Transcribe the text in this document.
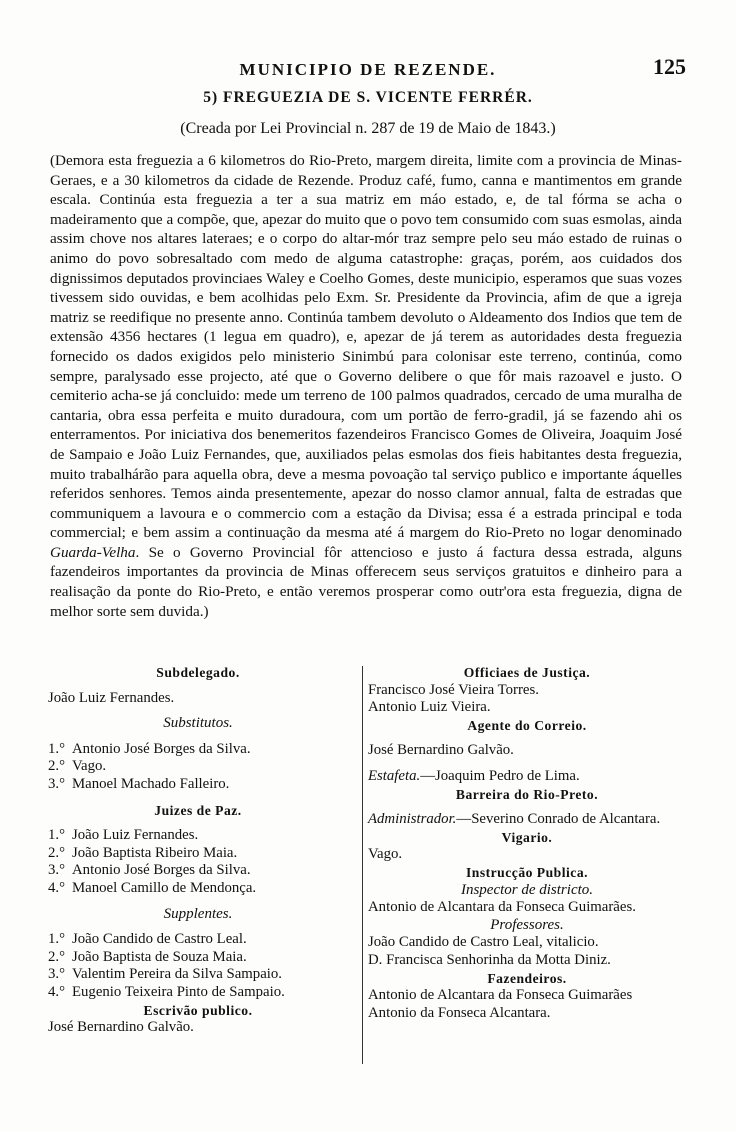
MUNICIPIO DE REZENDE.	125
5) FREGUEZIA DE S. VICENTE FERRÉR.
(Creada por Lei Provincial n. 287 de 19 de Maio de 1843.)

(Demora esta freguezia a 6 kilometros do Rio-Preto, margem direita, limite com a provincia de Minas-Geraes, e a 30 kilometros da cidade de Rezende. Produz café, fumo, canna e mantimentos em grande escala. Continúa esta freguezia a ter a sua matriz em máo estado, e, de tal fórma se acha o madeiramento que a compõe, que, apezar do muito que o povo tem consumido com suas esmolas, ainda assim chove nos altares lateraes; e o corpo do altar-mór traz sempre pelo seu máo estado de ruinas o animo do povo sobresaltado com medo de alguma catastrophe: graças, porém, aos cuidados dos dignissimos deputados provinciaes Waley e Coelho Gomes, deste municipio, esperamos que suas vozes tivessem sido ouvidas, e bem acolhidas pelo Exm. Sr. Presidente da Provincia, afim de que a igreja matriz se reedifique no presente anno. Continúa tambem devoluto o Aldeamento dos Indios que tem de extensão 4356 hectares (1 legua em quadro), e, apezar de já terem as autoridades desta freguezia fornecido os dados exigidos pelo ministerio Sinimbú para colonisar este terreno, continúa, como sempre, paralysado esse projecto, até que o Governo delibere o que fôr mais razoavel e justo. O cemiterio acha-se já concluido: mede um terreno de 100 palmos quadrados, cercado de uma muralha de cantaria, obra essa perfeita e muito duradoura, com um portão de ferro-gradil, já se fazendo ahi os enterramentos. Por iniciativa dos benemeritos fazendeiros Francisco Gomes de Oliveira, Joaquim José de Sampaio e João Luiz Fernandes, que, auxiliados pelas esmolas dos fieis habitantes desta freguezia, muito trabalhárão para aquella obra, deve a mesma povoação tal serviço publico e importante áquelles referidos senhores. Temos ainda presentemente, apezar do nosso clamor annual, falta de estradas que communiquem a lavoura e o commercio com a estação da Divisa; essa é a estrada principal e toda commercial; e bem assim a continuação da mesma até á margem do Rio-Preto no logar denominado Guarda-Velha. Se o Governo Provincial fôr attencioso e justo á factura dessa estrada, alguns fazendeiros importantes da provincia de Minas offerecem seus serviços gratuitos e dinheiro para a realisação da ponte do Rio-Preto, e então veremos prosperar como outr'ora esta freguezia, digna de melhor sorte sem duvida.)

Subdelegado.
João Luiz Fernandes.
Substitutos.
1.° Antonio José Borges da Silva.
2.° Vago.
3.° Manoel Machado Falleiro.
Juizes de Paz.
1.° João Luiz Fernandes.
2.° João Baptista Ribeiro Maia.
3.° Antonio José Borges da Silva.
4.° Manoel Camillo de Mendonça.
Supplentes.
1.° João Candido de Castro Leal.
2.° João Baptista de Souza Maia.
3.° Valentim Pereira da Silva Sampaio.
4.° Eugenio Teixeira Pinto de Sampaio.
Escrivão publico.
José Bernardino Galvão.
Officiaes de Justiça.
Francisco José Vieira Torres.
Antonio Luiz Vieira.
Agente do Correio.
José Bernardino Galvão.
Estafeta.—Joaquim Pedro de Lima.
Barreira do Rio-Preto.
Administrador.—Severino Conrado de Alcantara.
Vigario.
Vago.
Instrucção Publica.
Inspector de districto.
Antonio de Alcantara da Fonseca Guimarães.
Professores.
João Candido de Castro Leal, vitalicio.
D. Francisca Senhorinha da Motta Diniz.
Fazendeiros.
Antonio de Alcantara da Fonseca Guimarães
Antonio da Fonseca Alcantara.
